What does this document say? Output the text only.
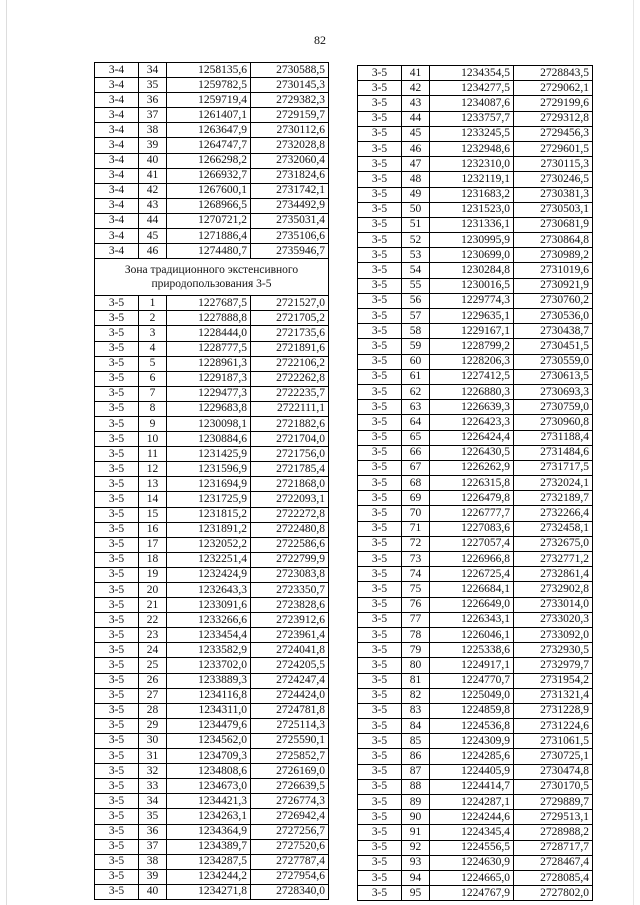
82
3-4	34	1258135,6	2730588,5
3-4	35	1259782,5	2730145,3
3-4	36	1259719,4	2729382,3
3-4	37	1261407,1	2729159,7
3-4	38	1263647,9	2730112,6
3-4	39	1264747,7	2732028,8
3-4	40	1266298,2	2732060,4
3-4	41	1266932,7	2731824,6
3-4	42	1267600,1	2731742,1
3-4	43	1268966,5	2734492,9
3-4	44	1270721,2	2735031,4
3-4	45	1271886,4	2735106,6
3-4	46	1274480,7	2735946,7
Зона традиционного экстенсивного природопользования 3-5			
3-5	1	1227687,5	2721527,0
3-5	2	1227888,8	2721705,2
3-5	3	1228444,0	2721735,6
3-5	4	1228777,5	2721891,6
3-5	5	1228961,3	2722106,2
3-5	6	1229187,3	2722262,8
3-5	7	1229477,3	2722235,7
3-5	8	1229683,8	2722111,1
3-5	9	1230098,1	2721882,6
3-5	10	1230884,6	2721704,0
3-5	11	1231425,9	2721756,0
3-5	12	1231596,9	2721785,4
3-5	13	1231694,9	2721868,0
3-5	14	1231725,9	2722093,1
3-5	15	1231815,2	2722272,8
3-5	16	1231891,2	2722480,8
3-5	17	1232052,2	2722586,6
3-5	18	1232251,4	2722799,9
3-5	19	1232424,9	2723083,8
3-5	20	1232643,3	2723350,7
3-5	21	1233091,6	2723828,6
3-5	22	1233266,6	2723912,6
3-5	23	1233454,4	2723961,4
3-5	24	1233582,9	2724041,8
3-5	25	1233702,0	2724205,5
3-5	26	1233889,3	2724247,4
3-5	27	1234116,8	2724424,0
3-5	28	1234311,0	2724781,8
3-5	29	1234479,6	2725114,3
3-5	30	1234562,0	2725590,1
3-5	31	1234709,3	2725852,7
3-5	32	1234808,6	2726169,0
3-5	33	1234673,0	2726639,5
3-5	34	1234421,3	2726774,3
3-5	35	1234263,1	2726942,4
3-5	36	1234364,9	2727256,7
3-5	37	1234389,7	2727520,6
3-5	38	1234287,5	2727787,4
3-5	39	1234244,2	2727954,6
3-5	40	1234271,8	2728340,0
3-5	41	1234354,5	2728843,5
3-5	42	1234277,5	2729062,1
3-5	43	1234087,6	2729199,6
3-5	44	1233757,7	2729312,8
3-5	45	1233245,5	2729456,3
3-5	46	1232948,6	2729601,5
3-5	47	1232310,0	2730115,3
3-5	48	1232119,1	2730246,5
3-5	49	1231683,2	2730381,3
3-5	50	1231523,0	2730503,1
3-5	51	1231336,1	2730681,9
3-5	52	1230995,9	2730864,8
3-5	53	1230699,0	2730989,2
3-5	54	1230284,8	2731019,6
3-5	55	1230016,5	2730921,9
3-5	56	1229774,3	2730760,2
3-5	57	1229635,1	2730536,0
3-5	58	1229167,1	2730438,7
3-5	59	1228799,2	2730451,5
3-5	60	1228206,3	2730559,0
3-5	61	1227412,5	2730613,5
3-5	62	1226880,3	2730693,3
3-5	63	1226639,3	2730759,0
3-5	64	1226423,3	2730960,8
3-5	65	1226424,4	2731188,4
3-5	66	1226430,5	2731484,6
3-5	67	1226262,9	2731717,5
3-5	68	1226315,8	2732024,1
3-5	69	1226479,8	2732189,7
3-5	70	1226777,7	2732266,4
3-5	71	1227083,6	2732458,1
3-5	72	1227057,4	2732675,0
3-5	73	1226966,8	2732771,2
3-5	74	1226725,4	2732861,4
3-5	75	1226684,1	2732902,8
3-5	76	1226649,0	2733014,0
3-5	77	1226343,1	2733020,3
3-5	78	1226046,1	2733092,0
3-5	79	1225338,6	2732930,5
3-5	80	1224917,1	2732979,7
3-5	81	1224770,7	2731954,2
3-5	82	1225049,0	2731321,4
3-5	83	1224859,8	2731228,9
3-5	84	1224536,8	2731224,6
3-5	85	1224309,9	2731061,5
3-5	86	1224285,6	2730725,1
3-5	87	1224405,9	2730474,8
3-5	88	1224414,7	2730170,5
3-5	89	1224287,1	2729889,7
3-5	90	1224244,6	2729513,1
3-5	91	1224345,4	2728988,2
3-5	92	1224556,5	2728717,7
3-5	93	1224630,9	2728467,4
3-5	94	1224665,0	2728085,4
3-5	95	1224767,9	2727802,0
